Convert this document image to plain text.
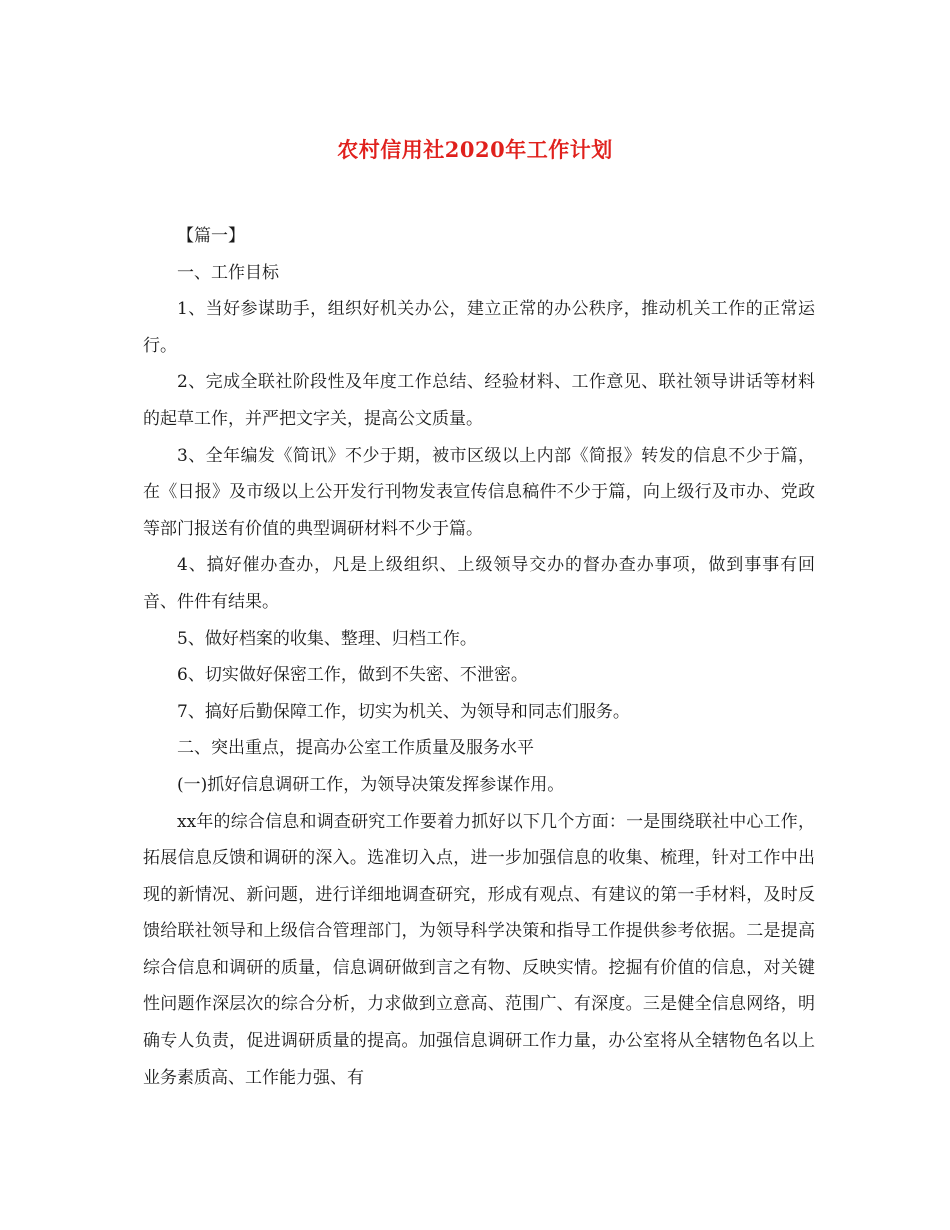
农村信用社2020年工作计划

【篇一】

一、工作目标

1、当好参谋助手，组织好机关办公，建立正常的办公秩序，推动机关工作的正常运行。

2、完成全联社阶段性及年度工作总结、经验材料、工作意见、联社领导讲话等材料的起草工作，并严把文字关，提高公文质量。

3、全年编发《简讯》不少于期，被市区级以上内部《简报》转发的信息不少于篇，在《日报》及市级以上公开发行刊物发表宣传信息稿件不少于篇，向上级行及市办、党政等部门报送有价值的典型调研材料不少于篇。

4、搞好催办查办，凡是上级组织、上级领导交办的督办查办事项，做到事事有回音、件件有结果。

5、做好档案的收集、整理、归档工作。

6、切实做好保密工作，做到不失密、不泄密。

7、搞好后勤保障工作，切实为机关、为领导和同志们服务。

二、突出重点，提高办公室工作质量及服务水平

(一)抓好信息调研工作，为领导决策发挥参谋作用。

xx年的综合信息和调查研究工作要着力抓好以下几个方面：一是围绕联社中心工作，拓展信息反馈和调研的深入。选准切入点，进一步加强信息的收集、梳理，针对工作中出现的新情况、新问题，进行详细地调查研究，形成有观点、有建议的第一手材料，及时反馈给联社领导和上级信合管理部门，为领导科学决策和指导工作提供参考依据。二是提高综合信息和调研的质量，信息调研做到言之有物、反映实情。挖掘有价值的信息，对关键性问题作深层次的综合分析，力求做到立意高、范围广、有深度。三是健全信息网络，明确专人负责，促进调研质量的提高。加强信息调研工作力量，办公室将从全辖物色名以上业务素质高、工作能力强、有
